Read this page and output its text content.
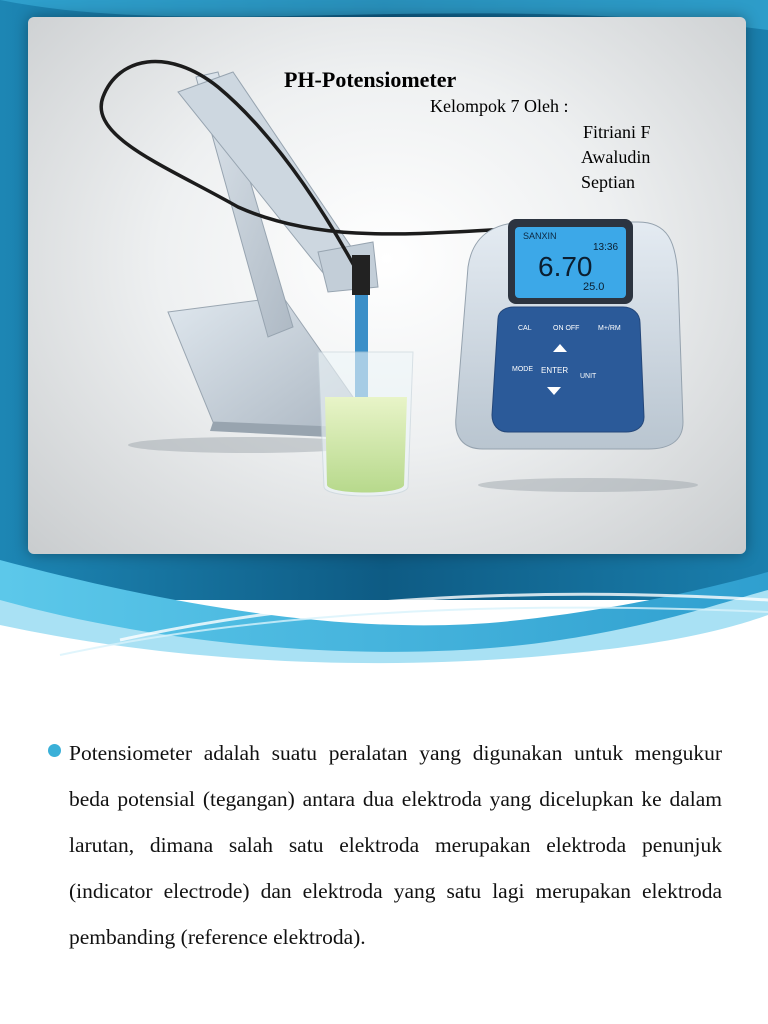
SANXIN
6.70
13:36
25.0
CAL	ON OFF	M+/RM
MODE ENTER
UNIT
PH-Potensiometer
Kelompok 7 Oleh :
Fitriani F
Awaludin
Septian

Potensiometer adalah suatu peralatan yang digunakan untuk mengukur beda potensial (tegangan) antara dua elektroda yang dicelupkan ke dalam larutan, dimana salah satu elektroda merupakan elektroda penunjuk (indicator electrode) dan elektroda yang satu lagi merupakan elektroda pembanding (reference elektroda).
